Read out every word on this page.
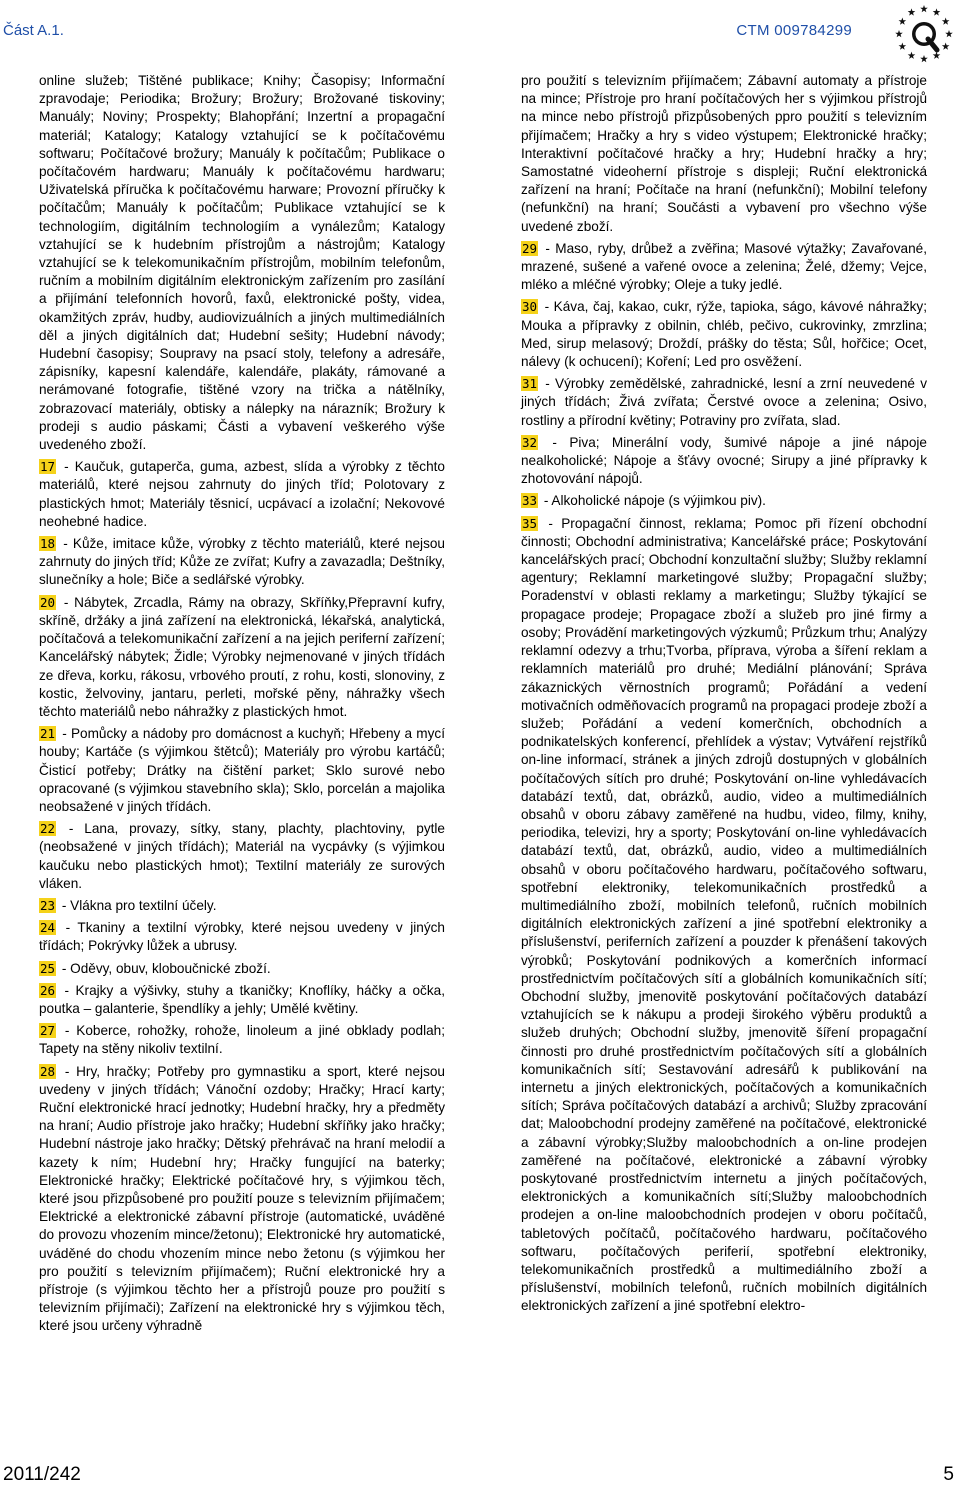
Část A.1.	CTM 009784299

online služeb; Tištěné publikace; Knihy; Časopisy; Informační zpravodaje; Periodika; Brožury; Brožury; Brožované tiskoviny; Manuály; Noviny; Prospekty; Blahopřání; Inzertní a propagační materiál; Katalogy; Katalogy vztahující se k počítačovému softwaru; Počítačové brožury; Manuály k počítačům; Publikace o počítačovém hardwaru; Manuály k počítačovému hardwaru; Uživatelská příručka k počítačovému harware; Provozní příručky k počítačům; Manuály k počítačům; Publikace vztahující se k technologiím, digitálním technologiím a vynálezům; Katalogy vztahující se k hudebním přístrojům a nástrojům; Katalogy vztahující se k telekomunikačním přístrojům, mobilním telefonům, ručním a mobilním digitálním elektronickým zařízením pro zasílání a přijímání telefonních hovorů, faxů, elektronické pošty, videa, okamžitých zpráv, hudby, audiovizuálních a jiných multimediálních děl a jiných digitálních dat; Hudební sešity; Hudební návody; Hudební časopisy; Soupravy na psací stoly, telefony a adresáře, zápisníky, kapesní kalendáře, kalendáře, plakáty, rámované a nerámované fotografie, tištěné vzory na trička a nátělníky, zobrazovací materiály, obtisky a nálepky na nárazník; Brožury k prodeji s audio páskami; Části a vybavení veškerého výše uvedeného zboží.

17 - Kaučuk, gutaperča, guma, azbest, slída a výrobky z těchto materiálů, které nejsou zahrnuty do jiných tříd; Polotovary z plastických hmot; Materiály těsnicí, ucpávací a izolační; Nekovové neohebné hadice.

18 - Kůže, imitace kůže, výrobky z těchto materiálů, které nejsou zahrnuty do jiných tříd; Kůže ze zvířat; Kufry a zavazadla; Deštníky, slunečníky a hole; Biče a sedlářské výrobky.

20 - Nábytek, Zrcadla, Rámy na obrazy, Skříňky,Přepravní kufry, skříně, držáky a jiná zařízení na elektronická, lékařská, analytická, počítačová a telekomunikační zařízení a na jejich periferní zařízení; Kancelářský nábytek; Židle; Výrobky nejmenované v jiných třídách ze dřeva, korku, rákosu, vrbového proutí, z rohu, kosti, slonoviny, z kostic, želvoviny, jantaru, perleti, mořské pěny, náhražky všech těchto materiálů nebo náhražky z plastických hmot.

21 - Pomůcky a nádoby pro domácnost a kuchyň; Hřebeny a mycí houby; Kartáče (s výjimkou štětců); Materiály pro výrobu kartáčů; Čisticí potřeby; Drátky na čištění parket; Sklo surové nebo opracované (s výjimkou stavebního skla); Sklo, porcelán a majolika neobsažené v jiných třídách.

22 - Lana, provazy, sítky, stany, plachty, plachtoviny, pytle (neobsažené v jiných třídách); Materiál na vycpávky (s výjimkou kaučuku nebo plastických hmot); Textilní materiály ze surových vláken.

23 - Vlákna pro textilní účely.

24 - Tkaniny a textilní výrobky, které nejsou uvedeny v jiných třídách; Pokrývky lůžek a ubrusy.

25 - Oděvy, obuv, kloboučnické zboží.

26 - Krajky a výšivky, stuhy a tkaničky; Knoflíky, háčky a očka, poutka – galanterie, špendlíky a jehly; Umělé květiny.

27 - Koberce, rohožky, rohože, linoleum a jiné obklady podlah; Tapety na stěny nikoliv textilní.

28 - Hry, hračky; Potřeby pro gymnastiku a sport, které nejsou uvedeny v jiných třídách; Vánoční ozdoby; Hračky; Hrací karty; Ruční elektronické hrací jednotky; Hudební hračky, hry a předměty na hraní; Audio přístroje jako hračky; Hudební skříňky jako hračky; Hudební nástroje jako hračky; Dětský přehrávač na hraní melodií a kazety k ním; Hudební hry; Hračky fungující na baterky; Elektronické hračky; Elektrické počítačové hry, s výjimkou těch, které jsou přizpůsobené pro použití pouze s televizním přijímačem; Elektrické a elektronické zábavní přístroje (automatické, uváděné do provozu vhozením mince/žetonu); Elektronické hry automatické, uváděné do chodu vhozením mince nebo žetonu (s výjimkou her pro použití s televizním přijímačem); Ruční elektronické hry a přístroje (s výjimkou těchto her a přístrojů pouze pro použití s televizním přijímači); Zařízení na elektronické hry s výjimkou těch, které jsou určeny výhradně

pro použití s televizním přijímačem; Zábavní automaty a přístroje na mince; Přístroje pro hraní počítačových her s výjimkou přístrojů na mince nebo přístrojů přizpůsobených ppro použití s televizním přijímačem; Hračky a hry s video výstupem; Elektronické hračky; Interaktivní počítačové hračky a hry; Hudební hračky a hry; Samostatné videoherní přístroje s displeji; Ruční elektronická zařízení na hraní; Počítače na hraní (nefunkční); Mobilní telefony (nefunkční) na hraní; Součásti a vybavení pro všechno výše uvedené zboží.

29 - Maso, ryby, drůbež a zvěřina; Masové výtažky; Zavařované, mrazené, sušené a vařené ovoce a zelenina; Želé, džemy; Vejce, mléko a mléčné výrobky; Oleje a tuky jedlé.

30 - Káva, čaj, kakao, cukr, rýže, tapioka, ságo, kávové náhražky; Mouka a přípravky z obilnin, chléb, pečivo, cukrovinky, zmrzlina; Med, sirup melasový; Droždí, prášky do těsta; Sůl, hořčice; Ocet, nálevy (k ochucení); Koření; Led pro osvěžení.

31 - Výrobky zemědělské, zahradnické, lesní a zrní neuvedené v jiných třídách; Živá zvířata; Čerstvé ovoce a zelenina; Osivo, rostliny a přírodní květiny; Potraviny pro zvířata, slad.

32 - Piva; Minerální vody, šumivé nápoje a jiné nápoje nealkoholické; Nápoje a šťávy ovocné; Sirupy a jiné přípravky k zhotovování nápojů.

33 - Alkoholické nápoje (s výjimkou piv).

35 - Propagační činnost, reklama; Pomoc při řízení obchodní činnosti; Obchodní administrativa; Kancelářské práce; Poskytování kancelářských prací; Obchodní konzultační služby; Služby reklamní agentury; Reklamní marketingové služby; Propagační služby; Poradenství v oblasti reklamy a marketingu; Služby týkající se propagace prodeje; Propagace zboží a služeb pro jiné firmy a osoby; Provádění marketingových výzkumů; Průzkum trhu; Analýzy reklamní odezvy a trhu;Tvorba, příprava, výroba a šíření reklam a reklamních materiálů pro druhé; Mediální plánování; Správa zákaznických věrnostních programů; Pořádání a vedení motivačních odměňovacích programů na propagaci prodeje zboží a služeb; Pořádání a vedení komerčních, obchodních a podnikatelských konferencí, přehlídek a výstav; Vytváření rejstříků on-line informací, stránek a jiných zdrojů dostupných v globálních počítačových sítích pro druhé; Poskytování on-line vyhledávacích databází textů, dat, obrázků, audio, video a multimediálních obsahů v oboru zábavy zaměřené na hudbu, video, filmy, knihy, periodika, televizi, hry a sporty; Poskytování on-line vyhledávacích databází textů, dat, obrázků, audio, video a multimediálních obsahů v oboru počítačového hardwaru, počítačového softwaru, spotřební elektroniky, telekomunikačních prostředků a multimediálního zboží, mobilních telefonů, ručních mobilních digitálních elektronických zařízení a jiné spotřební elektroniky a příslušenství, periferních zařízení a pouzder k přenášení takových výrobků; Poskytování podnikových a komerčních informací prostřednictvím počítačových sítí a globálních komunikačních sítí; Obchodní služby, jmenovitě poskytování počítačových databází vztahujících se k nákupu a prodeji širokého výběru produktů a služeb druhých; Obchodní služby, jmenovitě šíření propagační činnosti pro druhé prostřednictvím počítačových sítí a globálních komunikačních sítí; Sestavování adresářů k publikování na internetu a jiných elektronických, počítačových a komunikačních sítích; Správa počítačových databází a archivů; Služby zpracování dat; Maloobchodní prodejny zaměřené na počítačové, elektronické a zábavní výrobky;Služby maloobchodních a on-line prodejen zaměřené na počítačové, elektronické a zábavní výrobky poskytované prostřednictvím internetu a jiných počítačových, elektronických a komunikačních sítí;Služby maloobchodních prodejen a on-line maloobchodních prodejen v oboru počítačů, tabletových počítačů, počítačového hardwaru, počítačového softwaru, počítačových periferií, spotřební elektroniky, telekomunikačních prostředků a multimediálního zboží a příslušenství, mobilních telefonů, ručních mobilních digitálních elektronických zařízení a jiné spotřební elektro-

2011/242	5
